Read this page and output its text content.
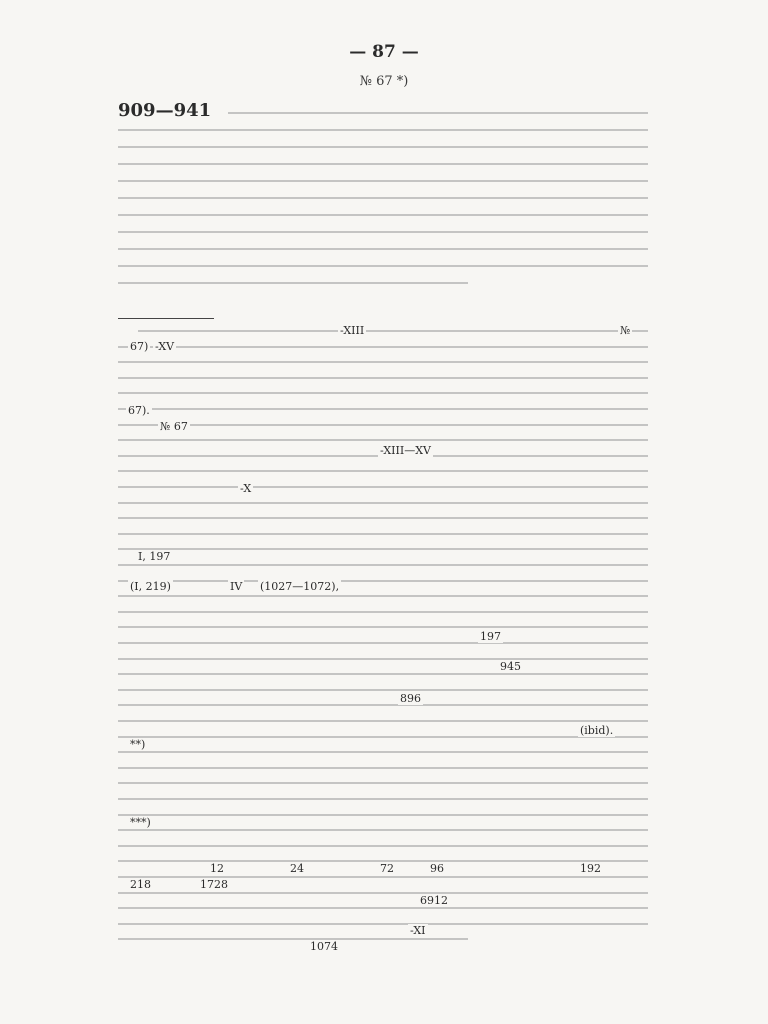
— 87 —
№ 67 *)
909—941
-XIII	№
67) -XV
67).
№ 67
-XIII—XV
-X
I, 197
(I, 219)	IV (1027—1072),
197
945
896
(ibid).
**)
***)
12	24	72	96	192
218	1728
6912
-XI
1074
